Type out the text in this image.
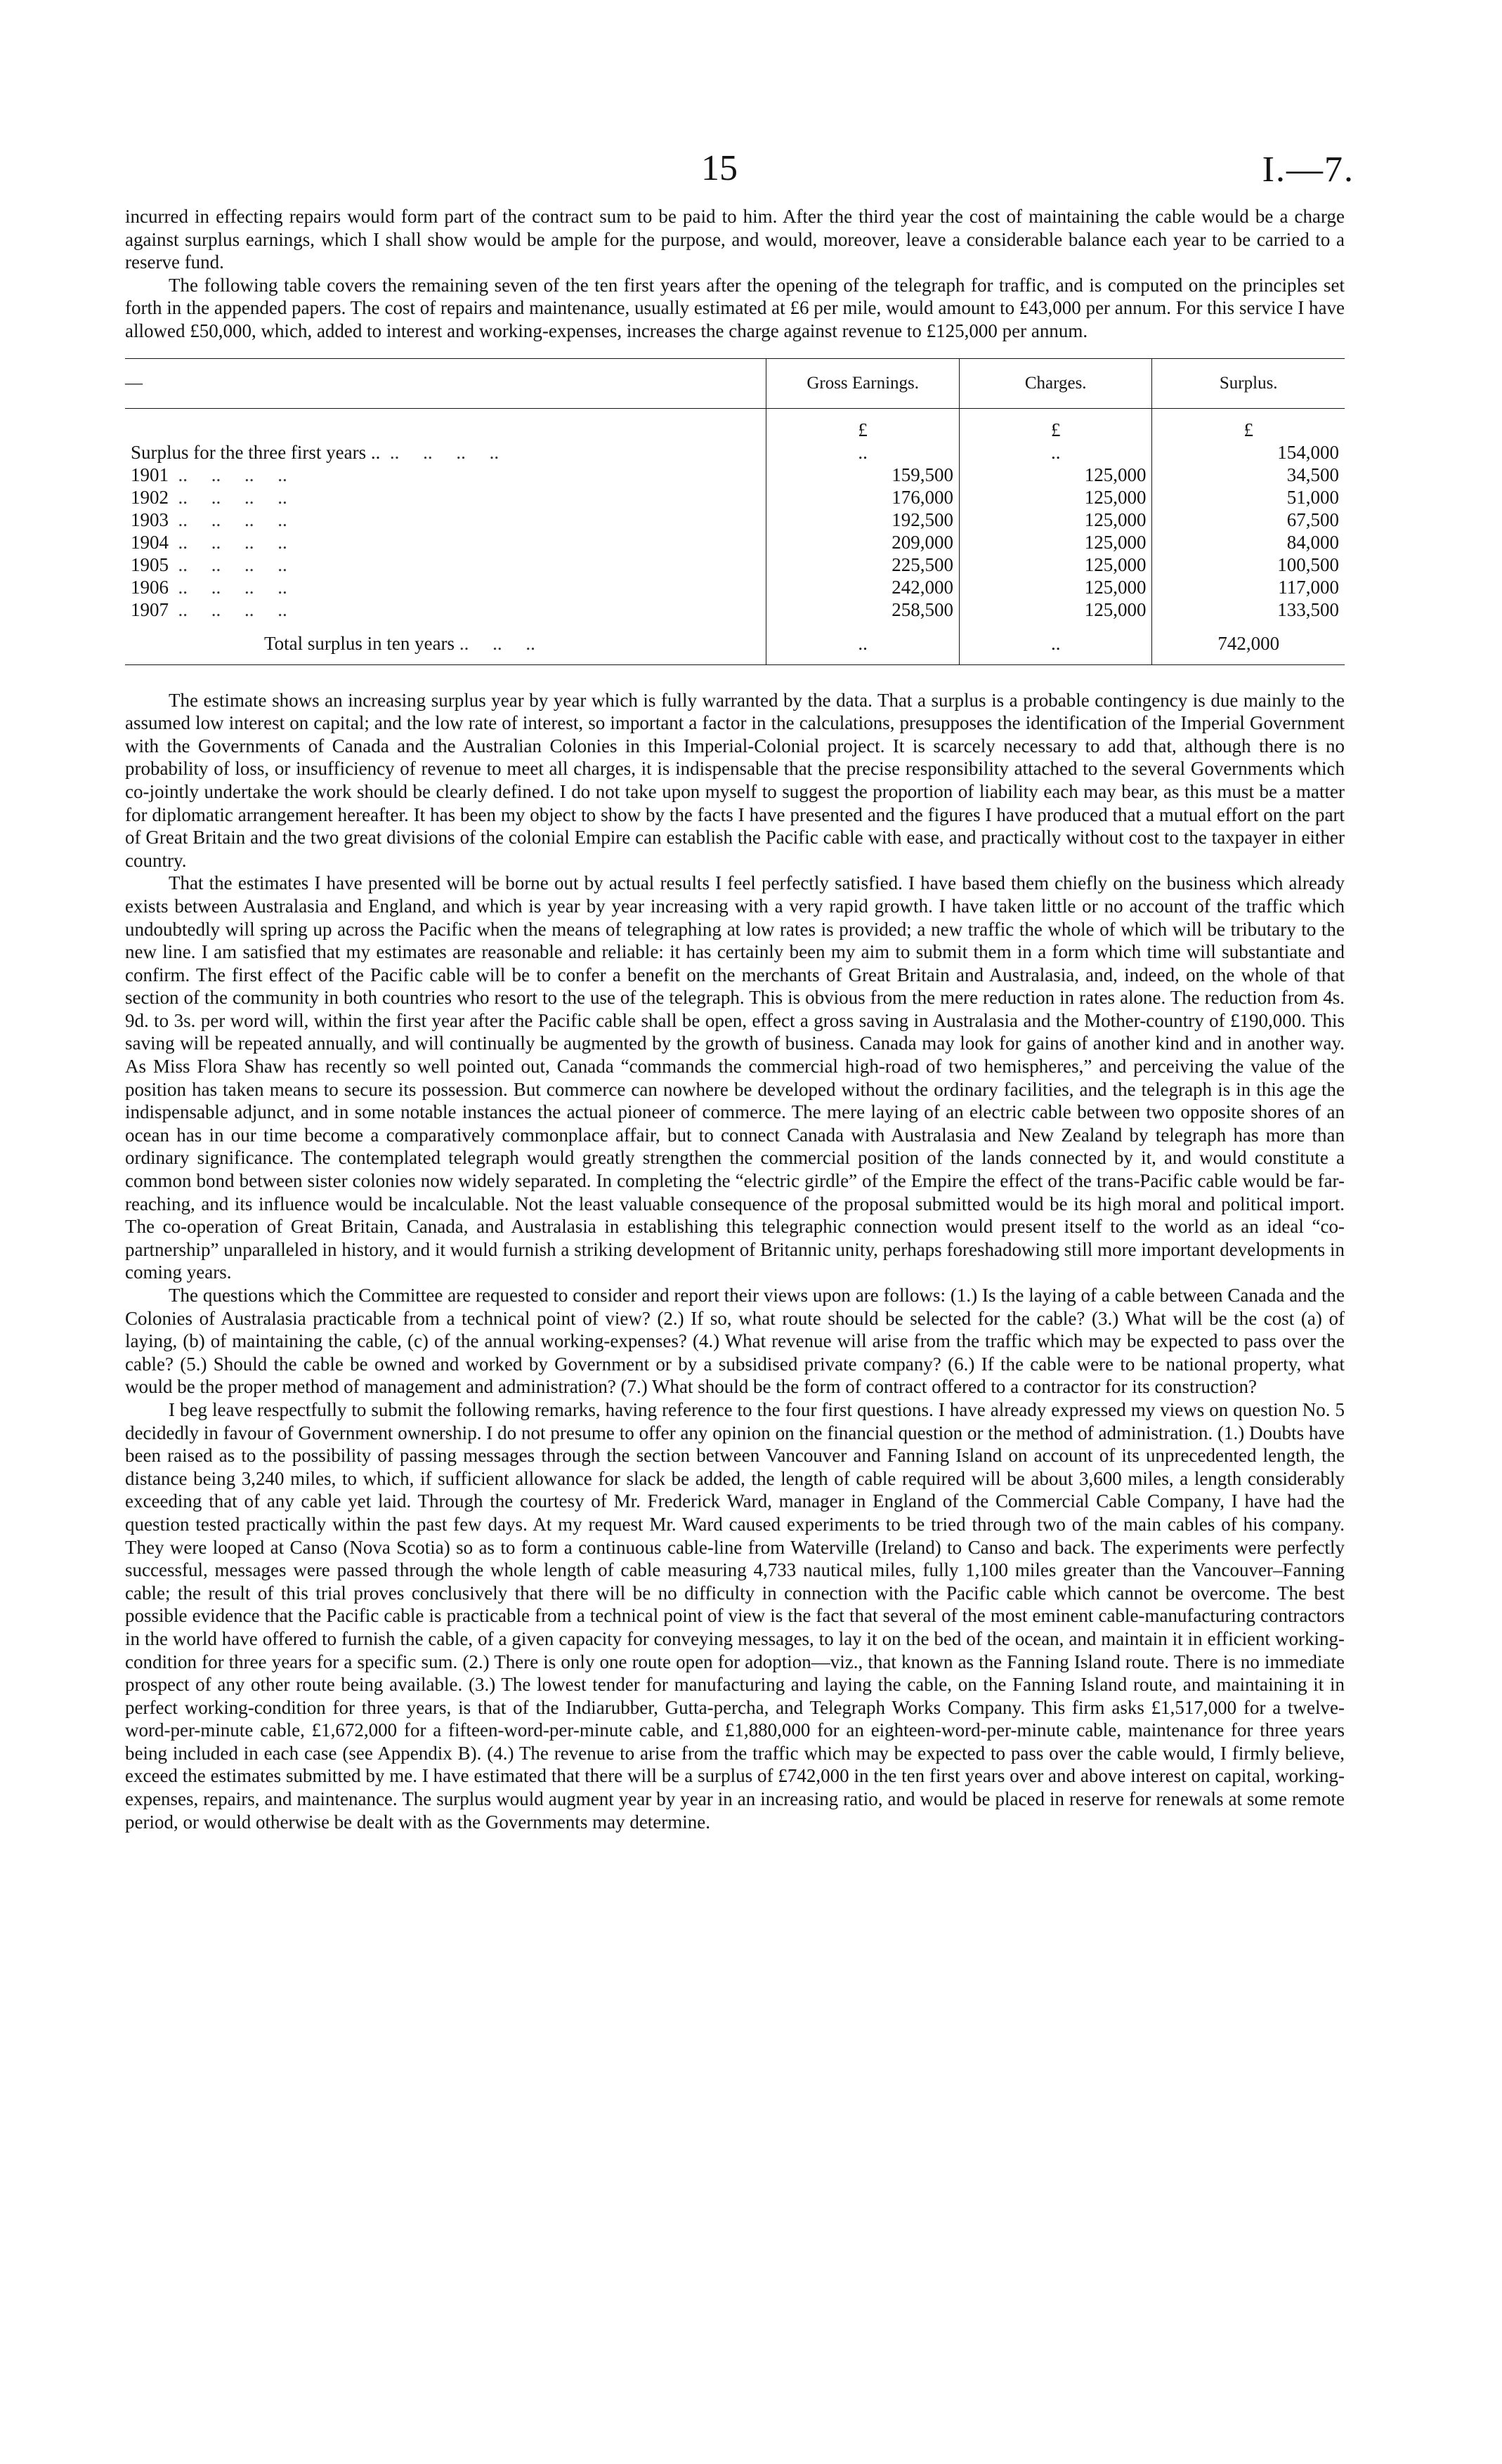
15	I.—7.

incurred in effecting repairs would form part of the contract sum to be paid to him. After the third year the cost of maintaining the cable would be a charge against surplus earnings, which I shall show would be ample for the purpose, and would, moreover, leave a considerable balance each year to be carried to a reserve fund.

The following table covers the remaining seven of the ten first years after the opening of the telegraph for traffic, and is computed on the principles set forth in the appended papers. The cost of repairs and maintenance, usually estimated at £6 per mile, would amount to £43,000 per annum. For this service I have allowed £50,000, which, added to interest and working-expenses, increases the charge against revenue to £125,000 per annum.

—	Gross Earnings.	Charges.	Surplus.
	£	£	£
Surplus for the three first years ..  ..     ..     ..     ..	..	..	154,000
1901  ..     ..     ..     ..	159,500	125,000	34,500
1902  ..     ..     ..     ..	176,000	125,000	51,000
1903  ..     ..     ..     ..	192,500	125,000	67,500
1904  ..     ..     ..     ..	209,000	125,000	84,000
1905  ..     ..     ..     ..	225,500	125,000	100,500
1906  ..     ..     ..     ..	242,000	125,000	117,000
1907  ..     ..     ..     ..	258,500	125,000	133,500
Total surplus in ten years ..     ..     ..	..	..	742,000

The estimate shows an increasing surplus year by year which is fully warranted by the data. That a surplus is a probable contingency is due mainly to the assumed low interest on capital; and the low rate of interest, so important a factor in the calculations, presupposes the identification of the Imperial Government with the Governments of Canada and the Australian Colonies in this Imperial-Colonial project. It is scarcely necessary to add that, although there is no probability of loss, or insufficiency of revenue to meet all charges, it is indispensable that the precise responsibility attached to the several Governments which co-jointly undertake the work should be clearly defined. I do not take upon myself to suggest the proportion of liability each may bear, as this must be a matter for diplomatic arrangement hereafter. It has been my object to show by the facts I have presented and the figures I have produced that a mutual effort on the part of Great Britain and the two great divisions of the colonial Empire can establish the Pacific cable with ease, and practically without cost to the taxpayer in either country.

That the estimates I have presented will be borne out by actual results I feel perfectly satisfied. I have based them chiefly on the business which already exists between Australasia and England, and which is year by year increasing with a very rapid growth. I have taken little or no account of the traffic which undoubtedly will spring up across the Pacific when the means of telegraphing at low rates is provided; a new traffic the whole of which will be tributary to the new line. I am satisfied that my estimates are reasonable and reliable: it has certainly been my aim to submit them in a form which time will substantiate and confirm. The first effect of the Pacific cable will be to confer a benefit on the merchants of Great Britain and Australasia, and, indeed, on the whole of that section of the community in both countries who resort to the use of the telegraph. This is obvious from the mere reduction in rates alone. The reduction from 4s. 9d. to 3s. per word will, within the first year after the Pacific cable shall be open, effect a gross saving in Australasia and the Mother-country of £190,000. This saving will be repeated annually, and will continually be augmented by the growth of business. Canada may look for gains of another kind and in another way. As Miss Flora Shaw has recently so well pointed out, Canada “commands the commercial high-road of two hemispheres,” and perceiving the value of the position has taken means to secure its possession. But commerce can nowhere be developed without the ordinary facilities, and the telegraph is in this age the indispensable adjunct, and in some notable instances the actual pioneer of commerce. The mere laying of an electric cable between two opposite shores of an ocean has in our time become a comparatively commonplace affair, but to connect Canada with Australasia and New Zealand by telegraph has more than ordinary significance. The contemplated telegraph would greatly strengthen the commercial position of the lands connected by it, and would constitute a common bond between sister colonies now widely separated. In completing the “electric girdle” of the Empire the effect of the trans-Pacific cable would be far-reaching, and its influence would be incalculable. Not the least valuable consequence of the proposal submitted would be its high moral and political import. The co-operation of Great Britain, Canada, and Australasia in establishing this telegraphic connection would present itself to the world as an ideal “co-partnership” unparalleled in history, and it would furnish a striking development of Britannic unity, perhaps foreshadowing still more important developments in coming years.

The questions which the Committee are requested to consider and report their views upon are follows: (1.) Is the laying of a cable between Canada and the Colonies of Australasia practicable from a technical point of view? (2.) If so, what route should be selected for the cable? (3.) What will be the cost (a) of laying, (b) of maintaining the cable, (c) of the annual working-expenses? (4.) What revenue will arise from the traffic which may be expected to pass over the cable? (5.) Should the cable be owned and worked by Government or by a subsidised private company? (6.) If the cable were to be national property, what would be the proper method of management and administration? (7.) What should be the form of contract offered to a contractor for its construction?

I beg leave respectfully to submit the following remarks, having reference to the four first questions. I have already expressed my views on question No. 5 decidedly in favour of Government ownership. I do not presume to offer any opinion on the financial question or the method of administration. (1.) Doubts have been raised as to the possibility of passing messages through the section between Vancouver and Fanning Island on account of its unprecedented length, the distance being 3,240 miles, to which, if sufficient allowance for slack be added, the length of cable required will be about 3,600 miles, a length considerably exceeding that of any cable yet laid. Through the courtesy of Mr. Frederick Ward, manager in England of the Commercial Cable Company, I have had the question tested practically within the past few days. At my request Mr. Ward caused experiments to be tried through two of the main cables of his company. They were looped at Canso (Nova Scotia) so as to form a continuous cable-line from Waterville (Ireland) to Canso and back. The experiments were perfectly successful, messages were passed through the whole length of cable measuring 4,733 nautical miles, fully 1,100 miles greater than the Vancouver–Fanning cable; the result of this trial proves conclusively that there will be no difficulty in connection with the Pacific cable which cannot be overcome. The best possible evidence that the Pacific cable is practicable from a technical point of view is the fact that several of the most eminent cable-manufacturing contractors in the world have offered to furnish the cable, of a given capacity for conveying messages, to lay it on the bed of the ocean, and maintain it in efficient working-condition for three years for a specific sum. (2.) There is only one route open for adoption—viz., that known as the Fanning Island route. There is no immediate prospect of any other route being available. (3.) The lowest tender for manufacturing and laying the cable, on the Fanning Island route, and maintaining it in perfect working-condition for three years, is that of the Indiarubber, Gutta-percha, and Telegraph Works Company. This firm asks £1,517,000 for a twelve-word-per-minute cable, £1,672,000 for a fifteen-word-per-minute cable, and £1,880,000 for an eighteen-word-per-minute cable, maintenance for three years being included in each case (see Appendix B). (4.) The revenue to arise from the traffic which may be expected to pass over the cable would, I firmly believe, exceed the estimates submitted by me. I have estimated that there will be a surplus of £742,000 in the ten first years over and above interest on capital, working-expenses, repairs, and maintenance. The surplus would augment year by year in an increasing ratio, and would be placed in reserve for renewals at some remote period, or would otherwise be dealt with as the Governments may determine.
